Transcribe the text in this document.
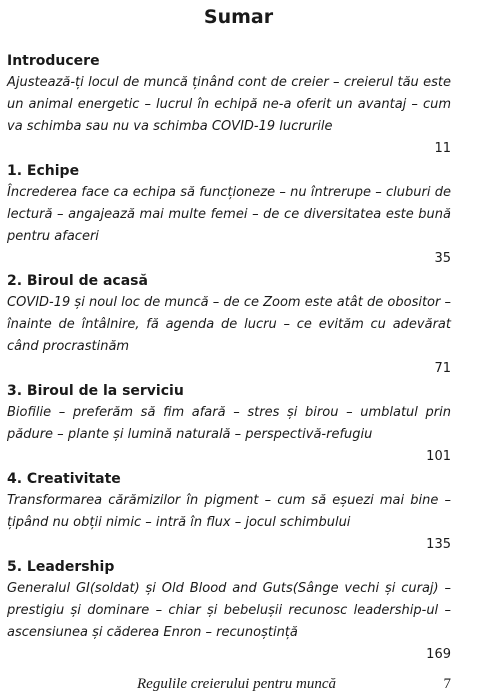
Sumar

Introducere

Ajustează-ți locul de muncă ținând cont de creier – creierul tău este un animal energetic – lucrul în echipă ne-a oferit un avantaj – cum va schimba sau nu va schimba COVID-19 lucrurile

11

1. Echipe

Încrederea face ca echipa să funcționeze – nu întrerupe – cluburi de lectură – angajează mai multe femei – de ce diversitatea este bună pentru afaceri

35

2. Biroul de acasă

COVID-19 și noul loc de muncă – de ce Zoom este atât de obositor – înainte de întâlnire, fă agenda de lucru – ce evităm cu adevărat când procrastinăm

71

3. Biroul de la serviciu

Biofilie – preferăm să fim afară – stres și birou – umblatul prin pădure – plante și lumină naturală – perspectivă-refugiu

101

4. Creativitate

Transformarea cărămizilor în pigment – cum să eșuezi mai bine – țipând nu obții nimic – intră în flux – jocul schimbului

135

5. Leadership

Generalul GI(soldat) și Old Blood and Guts(Sânge vechi și curaj) – prestigiu și dominare – chiar și bebelușii recunosc leadership-ul – ascensiunea și căderea Enron – recunoștință

169

Regulile creierului pentru muncă	7
